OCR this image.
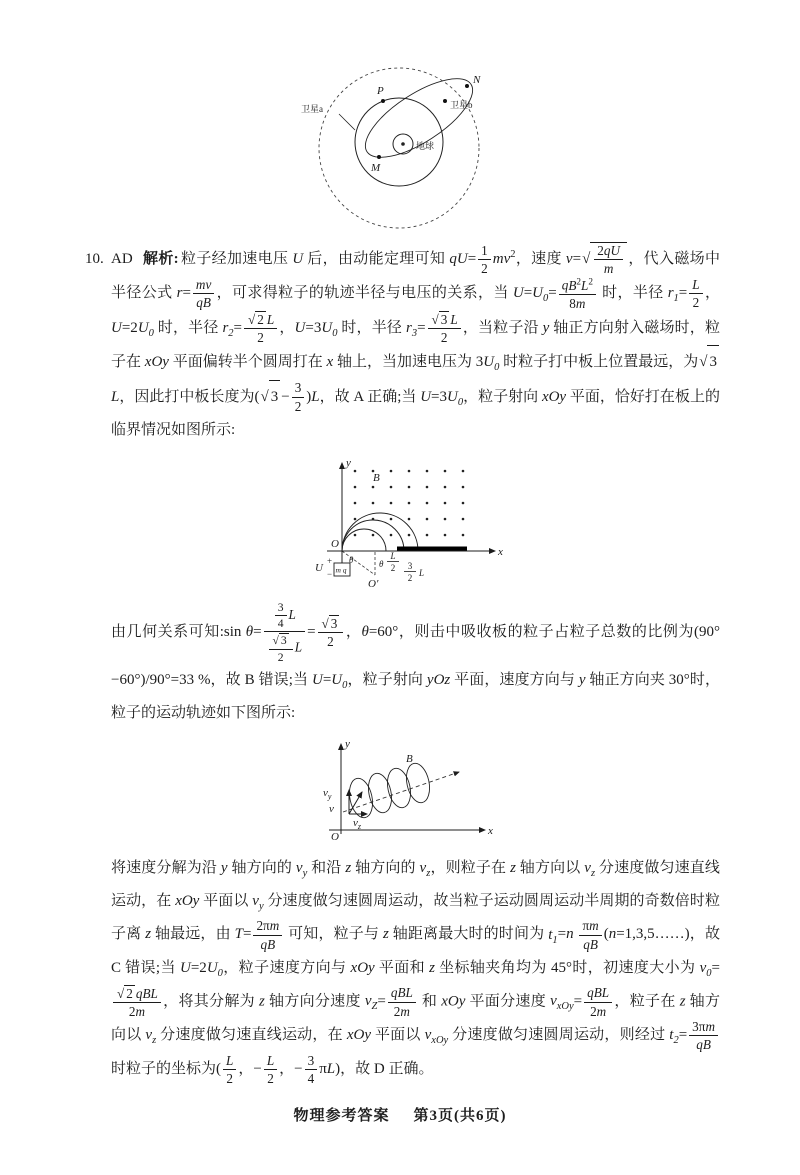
P
N
M
卫星a	卫星b
地球
10. AD 解析: 粒子经加速电压 U 后，由动能定理可知 $qU= \frac{1}{2} mv^2$，速度 $v=√ \frac{2qU}{m}$ ，代入磁场中半径公式 $r= \frac{mv}{qB}$ ，可求得粒子的轨迹半径与电压的关系，当 $U=U_0= \frac{qB^2L^2}{8m}$ 时，半径 $r_1= \frac{L}{2}$ ，$U=2U_0$ 时，半径 $r_2= \frac{√ 2 L}{2}$ ，$U=3U_0$ 时，半径 $r_3= \frac{√ 3 L}{2}$ ，当粒子沿 y 轴正方向射入磁场时，粒子在 xOy 平面偏转半个圆周打在 x 轴上，当加速电压为 $3U_0$ 时粒子打中板上位置最远，为√ 3L，因此打中板长度为(√ $3 - \frac{3}{2} )L$，故 A 正确;当 $U=3U_0$，粒子射向 xOy 平面，恰好打在板上的临界情况如图所示:
m q
U
+
−
y
x
O
B
θ	θ
O′
L
2 3
2 L
由几何关系可知:sin $\theta= \frac{\frac{3}{4} L}{\frac{√ 3}{2} L} = \frac{√ 3}{2}$ ，θ=60°，则击中吸收板的粒子占粒子总数的比例为(90°−60°)/90°=33 %，故 B 错误;当 $U=U_0$，粒子射向 yOz 平面，速度方向与 y 轴正方向夹 30°时，粒子的运动轨迹如下图所示:
y
x
O
B
$v_y$
v
$v_z$
将速度分解为沿 y 轴方向的 $v_y$ 和沿 z 轴方向的 $v_z$，则粒子在 z 轴方向以 $v_z$ 分速度做匀速直线运动，在 xOy 平面以 $v_y$ 分速度做匀速圆周运动，故当粒子运动圆周运动半周期的奇数倍时粒子离 z 轴最远，由 $T= \frac{2\pi m}{qB}$ 可知，粒子与 z 轴距离最大时的时间为 $t_1=n \frac{\pi m}{qB}$ (n=1,3,5……)，故 C 错误;当 $U=2U_0$，粒子速度方向与 xOy 平面和 z 坐标轴夹角均为 45°时，初速度大小为 $v_0=$
$\frac{\text{√ 2 qBL}}{2m}$ ，将其分解为 z 轴方向分速度 $v_Z= \frac{\text{qBL}}{2m}$ 和 xOy 平面分速度 $v_{xOy}= \frac{\text{qBL}}{2m}$ ，粒子在 z 轴方向以 $v_z$ 分速度做匀速直线运动，在 xOy 平面以 $v_{xOy}$ 分速度做匀速圆周运动，则经过 $t_2= \frac{3\pi m}{qB}$
时粒子的坐标为( $\frac{L}{2}$ ，− $\frac{L}{2}$ ，− $\frac{3}{4} \pi L$)，故 D 正确。
物理参考答案 第3页(共6页)
